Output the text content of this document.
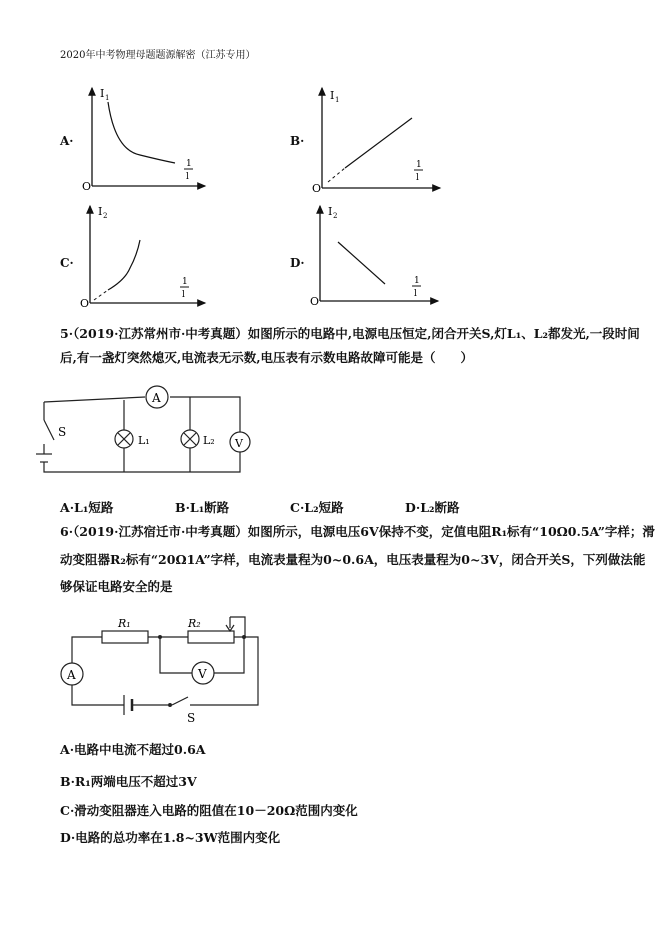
2020年中考物理母题题源解密（江苏专用）
A·	B·
C·	D·
I 1
1
l
O
I 1
1
l
O
I 2
1
l
O
I 2
1
l
O
5·（2019·江苏常州市·中考真题）如图所示的电路中,电源电压恒定,闭合开关S,灯L₁、L₂都发光,一段时间
后,有一盏灯突然熄灭,电流表无示数,电压表有示数电路故障可能是（　　）
A
V
S
L₁	L₂
A·L₁短路	B·L₁断路	C·L₂短路	D·L₂断路
6·（2019·江苏宿迁市·中考真题）如图所示，电源电压6V保持不变，定值电阻R₁标有“10Ω0.5A”字样；滑
动变阻器R₂标有“20Ω1A”字样，电流表量程为0~0.6A，电压表量程为0~3V，闭合开关S，下列做法能
够保证电路安全的是
A	V
S
R₁	R₂
A·电路中电流不超过0.6A
B·R₁两端电压不超过3V
C·滑动变阻器连入电路的阻值在10－20Ω范围内变化
D·电路的总功率在1.8~3W范围内变化
